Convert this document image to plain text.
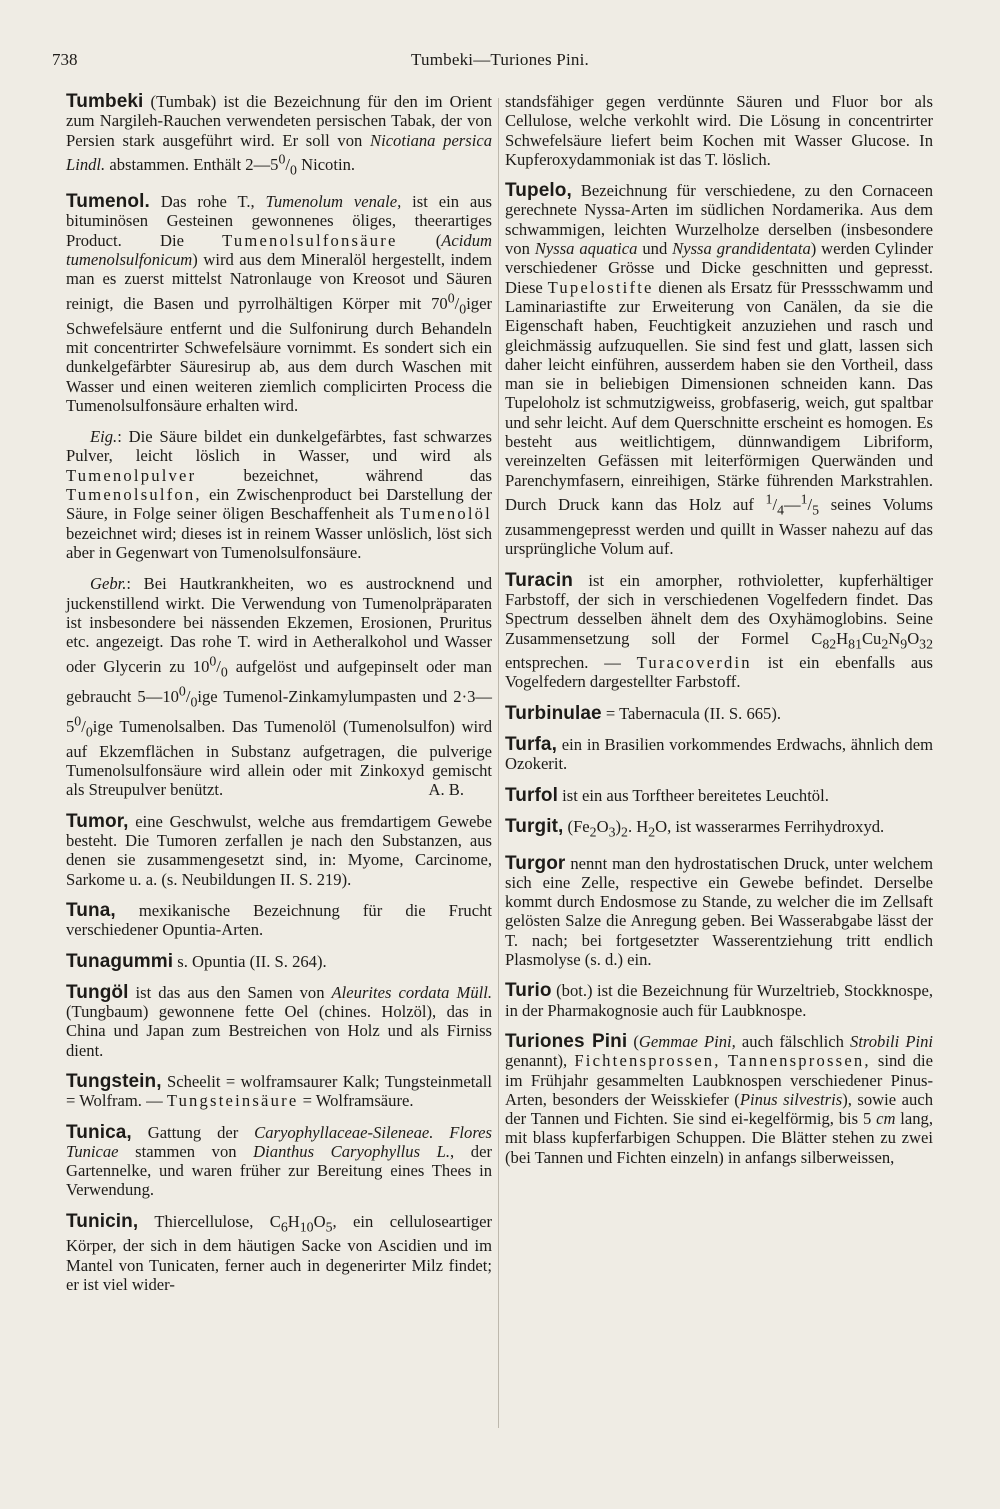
738	Tumbeki—Turiones Pini.

Tumbeki (Tumbak) ist die Bezeichnung für den im Orient zum Nargileh-Rauchen verwendeten persischen Tabak, der von Persien stark ausgeführt wird. Er soll von Nicotiana persica Lindl. abstammen. Enthält $2—5^0/_0$ Nicotin.

Tumenol. Das rohe T., Tumenolum venale, ist ein aus bituminösen Gesteinen gewonnenes öliges, theerartiges Product. Die Tumenolsulfonsäure (Acidum tumenolsulfonicum) wird aus dem Mineralöl hergestellt, indem man es zuerst mittelst Natronlauge von Kreosot und Säuren reinigt, die Basen und pyrrolhältigen Körper mit $70^0/_0iger$ Schwefelsäure entfernt und die Sulfonirung durch Behandeln mit concentrirter Schwefelsäure vornimmt. Es sondert sich ein dunkelgefärbter Säuresirup ab, aus dem durch Waschen mit Wasser und einen weiteren ziemlich complicirten Process die Tumenolsulfonsäure erhalten wird.

Eig.: Die Säure bildet ein dunkelgefärbtes, fast schwarzes Pulver, leicht löslich in Wasser, und wird als Tumenolpulver bezeichnet, während das Tumenolsulfon, ein Zwischenproduct bei Darstellung der Säure, in Folge seiner öligen Beschaffenheit als Tumenolöl bezeichnet wird; dieses ist in reinem Wasser unlöslich, löst sich aber in Gegenwart von Tumenolsulfonsäure.

Gebr.: Bei Hautkrankheiten, wo es austrocknend und juckenstillend wirkt. Die Verwendung von Tumenolpräparaten ist insbesondere bei nässenden Ekzemen, Erosionen, Pruritus etc. angezeigt. Das rohe T. wird in Aetheralkohol und Wasser oder Glycerin zu $10^0/_0$ aufgelöst und aufgepinselt oder man gebraucht $5—10^0/_0ige$ Tumenol-Zinkamylumpasten und $2\cdot 3—5^0/_0ige$ Tumenolsalben. Das Tumenolöl (Tumenolsulfon) wird auf Ekzemflächen in Substanz aufgetragen, die pulverige Tumenolsulfonsäure wird allein oder mit Zinkoxyd gemischt als Streupulver benützt.	A. B.

Tumor, eine Geschwulst, welche aus fremdartigem Gewebe besteht. Die Tumoren zerfallen je nach den Substanzen, aus denen sie zusammengesetzt sind, in: Myome, Carcinome, Sarkome u. a. (s. Neubildungen II. S. 219).

Tuna, mexikanische Bezeichnung für die Frucht verschiedener Opuntia-Arten.

Tunagummi s. Opuntia (II. S. 264).

Tungöl ist das aus den Samen von Aleurites cordata Müll. (Tungbaum) gewonnene fette Oel (chines. Holzöl), das in China und Japan zum Bestreichen von Holz und als Firniss dient.

Tungstein, Scheelit = wolframsaurer Kalk; Tungsteinmetall = Wolfram. — Tungsteinsäure = Wolframsäure.

Tunica, Gattung der Caryophyllaceae-Sileneae. Flores Tunicae stammen von Dianthus Caryophyllus L., der Gartennelke, und waren früher zur Bereitung eines Thees in Verwendung.

Tunicin, Thiercellulose, $C_6H_{10}O_5$, ein celluloseartiger Körper, der sich in dem häutigen Sacke von Ascidien und im Mantel von Tunicaten, ferner auch in degenerirter Milz findet; er ist viel wider-

standsfähiger gegen verdünnte Säuren und Fluor bor als Cellulose, welche verkohlt wird. Die Lösung in concentrirter Schwefelsäure liefert beim Kochen mit Wasser Glucose. In Kupferoxydammoniak ist das T. löslich.

Tupelo, Bezeichnung für verschiedene, zu den Cornaceen gerechnete Nyssa-Arten im südlichen Nordamerika. Aus dem schwammigen, leichten Wurzelholze derselben (insbesondere von Nyssa aquatica und Nyssa grandidentata) werden Cylinder verschiedener Grösse und Dicke geschnitten und gepresst. Diese Tupelostifte dienen als Ersatz für Pressschwamm und Laminariastifte zur Erweiterung von Canälen, da sie die Eigenschaft haben, Feuchtigkeit anzuziehen und rasch und gleichmässig aufzuquellen. Sie sind fest und glatt, lassen sich daher leicht einführen, ausserdem haben sie den Vortheil, dass man sie in beliebigen Dimensionen schneiden kann. Das Tupeloholz ist schmutzigweiss, grobfaserig, weich, gut spaltbar und sehr leicht. Auf dem Querschnitte erscheint es homogen. Es besteht aus weitlichtigem, dünnwandigem Libriform, vereinzelten Gefässen mit leiterförmigen Querwänden und Parenchymfasern, einreihigen, Stärke führenden Markstrahlen. Durch Druck kann das Holz auf $^1/_4—^1/_5$ seines Volums zusammengepresst werden und quillt in Wasser nahezu auf das ursprüngliche Volum auf.

Turacin ist ein amorpher, rothvioletter, kupferhältiger Farbstoff, der sich in verschiedenen Vogelfedern findet. Das Spectrum desselben ähnelt dem des Oxyhämoglobins. Seine Zusammensetzung soll der Formel $C_{82}H_{81}Cu_2N_9O_{32}$ entsprechen. — Turacoverdin ist ein ebenfalls aus Vogelfedern dargestellter Farbstoff.

Turbinulae = Tabernacula (II. S. 665).

Turfa, ein in Brasilien vorkommendes Erdwachs, ähnlich dem Ozokerit.

Turfol ist ein aus Torftheer bereitetes Leuchtöl.

Turgit, $(Fe_2O_3)_2$. $H_2O$, ist wasserarmes Ferrihydroxyd.

Turgor nennt man den hydrostatischen Druck, unter welchem sich eine Zelle, respective ein Gewebe befindet. Derselbe kommt durch Endosmose zu Stande, zu welcher die im Zellsaft gelösten Salze die Anregung geben. Bei Wasserabgabe lässt der T. nach; bei fortgesetzter Wasserentziehung tritt endlich Plasmolyse (s. d.) ein.

Turio (bot.) ist die Bezeichnung für Wurzeltrieb, Stockknospe, in der Pharmakognosie auch für Laubknospe.

Turiones Pini (Gemmae Pini, auch fälschlich Strobili Pini genannt), Fichtensprossen, Tannensprossen, sind die im Frühjahr gesammelten Laubknospen verschiedener Pinus-Arten, besonders der Weisskiefer (Pinus silvestris), sowie auch der Tannen und Fichten. Sie sind ei-kegelförmig, bis 5 cm lang, mit blass kupferfarbigen Schuppen. Die Blätter stehen zu zwei (bei Tannen und Fichten einzeln) in anfangs silberweissen,
